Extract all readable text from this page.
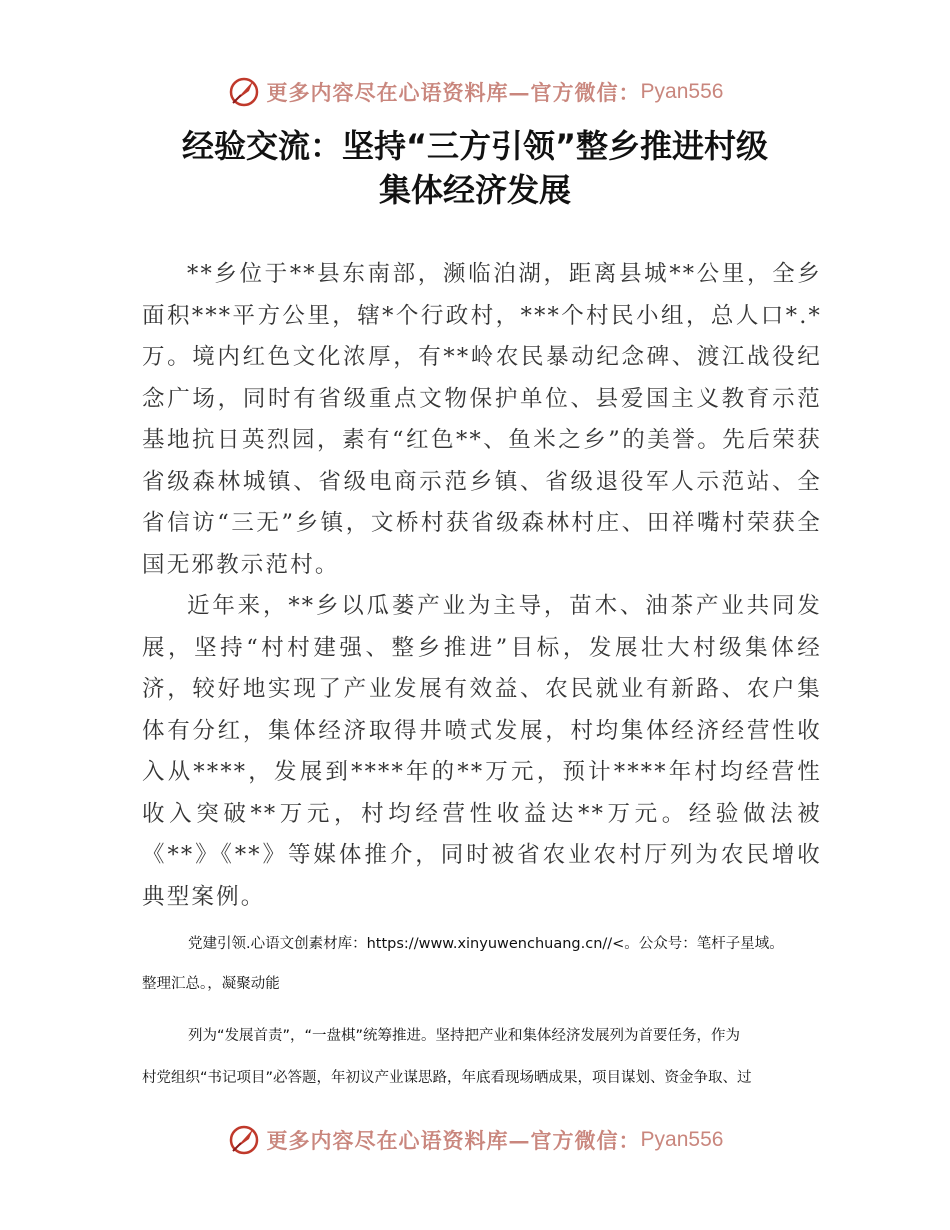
更多内容尽在心语资料库—官方微信： Pyan556
经验交流：坚持“三方引领”整乡推进村级
集体经济发展

**乡位于**县东南部，濒临泊湖，距离县城**公里，全乡面积***平方公里，辖*个行政村，***个村民小组，总人口*.*万。境内红色文化浓厚，有**岭农民暴动纪念碑、渡江战役纪念广场，同时有省级重点文物保护单位、县爱国主义教育示范基地抗日英烈园，素有“红色**、鱼米之乡”的美誉。先后荣获省级森林城镇、省级电商示范乡镇、省级退役军人示范站、全省信访“三无”乡镇，文桥村获省级森林村庄、田祥嘴村荣获全国无邪教示范村。

近年来，**乡以瓜蒌产业为主导，苗木、油茶产业共同发展，坚持“村村建强、整乡推进”目标，发展壮大村级集体经济，较好地实现了产业发展有效益、农民就业有新路、农户集体有分红，集体经济取得井喷式发展，村均集体经济经营性收入从****，发展到****年的**万元，预计****年村均经营性收入突破**万元，村均经营性收益达**万元。经验做法被《**》《**》等媒体推介，同时被省农业农村厅列为农民增收典型案例。

党建引领.心语文创素材库：https://www.xinyuwenchuang.cn//<。公众号：笔杆子星域。
整理汇总。，凝聚动能
列为“发展首责”，“一盘棋”统筹推进。坚持把产业和集体经济发展列为首要任务，作为
村党组织“书记项目”必答题，年初议产业谋思路，年底看现场晒成果，项目谋划、资金争取、过
更多内容尽在心语资料库—官方微信： Pyan556
